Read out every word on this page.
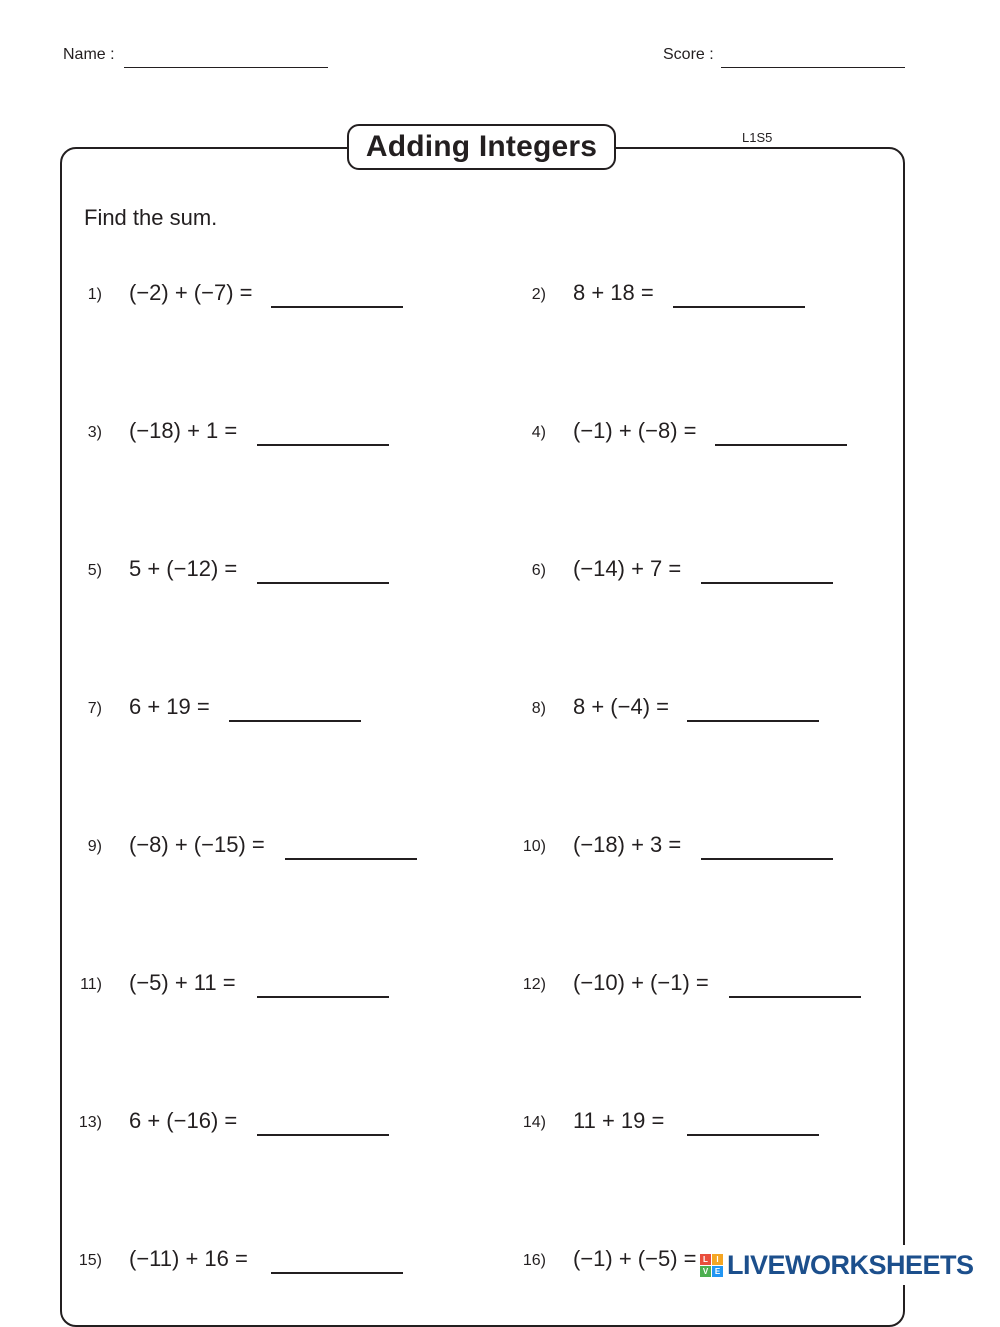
Name :	Score :
Adding Integers	L1S5
Find the sum.
1) (−2) + (−7) =	2) 8 + 18 =
3) (−18) + 1 =	4) (−1) + (−8) =
5) 5 + (−12) =	6) (−14) + 7 =
7) 6 + 19 =	8) 8 + (−4) =
9) (−8) + (−15) =	10) (−18) + 3 =
11) (−5) + 11 =	12) (−10) + (−1) =
13) 6 + (−16) =	14) 11 + 19 =
15) (−11) + 16 =	16) (−1) + (−5) = L	I
V E LIVEWORKSHEETS
